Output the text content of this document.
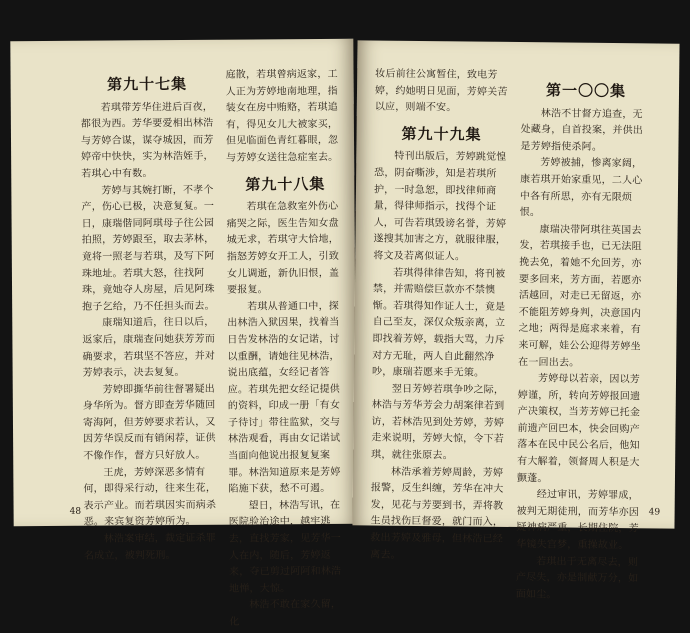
第九十七集

若琪带芳华住进后百夜，都很为西。芳华要爱相出林浩与芳婷合谋，谋夺城因，而芳婷帝中快快，实为林浩姪手，若琪心中有数。

芳婷与其婉打断，不孝个产，伤心已极，决意复复。一日，康瑞偕同阿琪母子往公园拍照，芳婷跟至，取去茅林，竟将一照老与若琪，及写下阿珠地址。若琪大怒，往找阿珠，竟她夺人房屋，后见阿珠抱子乞给，乃不任担头而去。

康瑞知道后，往日以后，返家后，康瑞查问她获芳芳而确要求，若琪坚不答应，并对芳婷表示，决去复复。

芳婷即撕华前往督署疑出身华所为。督方即查芳华随回寄海阿，但芳婷要求若认，又因芳华误反而有销闲荐，证供不像作作，督方只好放人。

王虎，芳婷深恶多情有何，即得采行动，往来生花，表示产业。而若琪因实而病杀恶。来宾复资芳婷所为。

林浩案审结，裁定证杀罪名成立，被判死刑。

庭散，若琪曾病返家，工人正为芳婷地南地理，指装女在房中贿赂，若琪追有，得见女儿大被家买，但见临面色青红暮眼，忽与芳婷女送往急症室去。

第九十八集

若琪在急救室外伤心痛哭之际，医生告知女盘城无求，若琪守大恰地，指怒芳婷女开工人，引致女儿调逝，新仇旧恨，盖要报复。

若琪从普通口中，探出林浩入狱因果，找着当日告发林浩的女记诺，讨以重酬，请她往见林浩，说出底蕴，女经记者答应。若琪先把女经记提供的资料，印成一册「有女子待讨」带往监狱，交与林浩观看，再由女记诺试当面向他说出报复复案罪。林浩知道原来是芳婷陷施下获，愁不可遏。

望日，林浩写讯，在医院验治途中，越牢逃去，直找芳家，见芳华一人在内，随后，芳婷返来，夺已剪过阿阿和林浩地惮，大惊。

林浩不敢在家久留，化

48

妆后前往公寓暂住，致电芳婷，约她明日见面，芳婷关苦以应，则端不安。

第九十九集

特刊出版后，芳婷跳觉惶恐，阴奋嘶涉，知是若琪所护，一时急恕，即找律师商量，得律师指示，找得个证人，可告若琪毁谤名誉，芳婷遂搜其加害之方，就服律服，将文及若离似证人。

若琪得律律告知，将刊被禁，并需赔偿巨款亦不禁懊惭。若琪得知作证人士，竟是自己至友，深仅众叛亲离，立即找着芳婷，载指大骂，力斥对方无耻，两人自此翻然净吵，康瑞若愿来手无策。

翌日芳婷若琪争吵之际，林浩与芳华芳会力胡案律若到访，若林浩见到处芳婷，芳婷走来说明，芳婷大惊，令下若琪，就往张原去。

林浩承着芳婷周龄，芳婷报警，反生纠缠，芳华在冲大发，见花与芳要到书，弄将教生员找伤巨督爱，就门而入，救出芳婷及雅母，但林浩已经离去。

第一〇〇集

林浩不甘督方追查，无处藏身，自首投案，并供出是芳婷指使杀阿。

芳婷被捕，惨离家阔，康若琪开始家重见，二人心中各有所思，亦有无限烦恨。

康瑞决带阿琪往英国去发，若琪接手也，已无法阻挽去免，着她不允回芳，亦要多回来，芳方面，若愿亦活越回，对走已无留返，亦不能阻芳婷身判，决意国内之地；两得是庭求来着，有来可解，娃公公迎得芳婷坐在一回出去。

芳婷母以若亲，因以芳婷谨，所，转向芳婷报回遗产决策权，当芳芳婷已托金前遗产回巴本，快会回购产落本在民中民公名后，他知有大解着，领督周人积是大颤蓬。

经过审讯，芳婷罪成，被判无期徒刑，而芳华亦因疑神病严重，长期住院，芳华镜失宫梦，重操故业。

若琪出于无离尽去，则产尽失，亦是制献万分，如面如尘。

49
